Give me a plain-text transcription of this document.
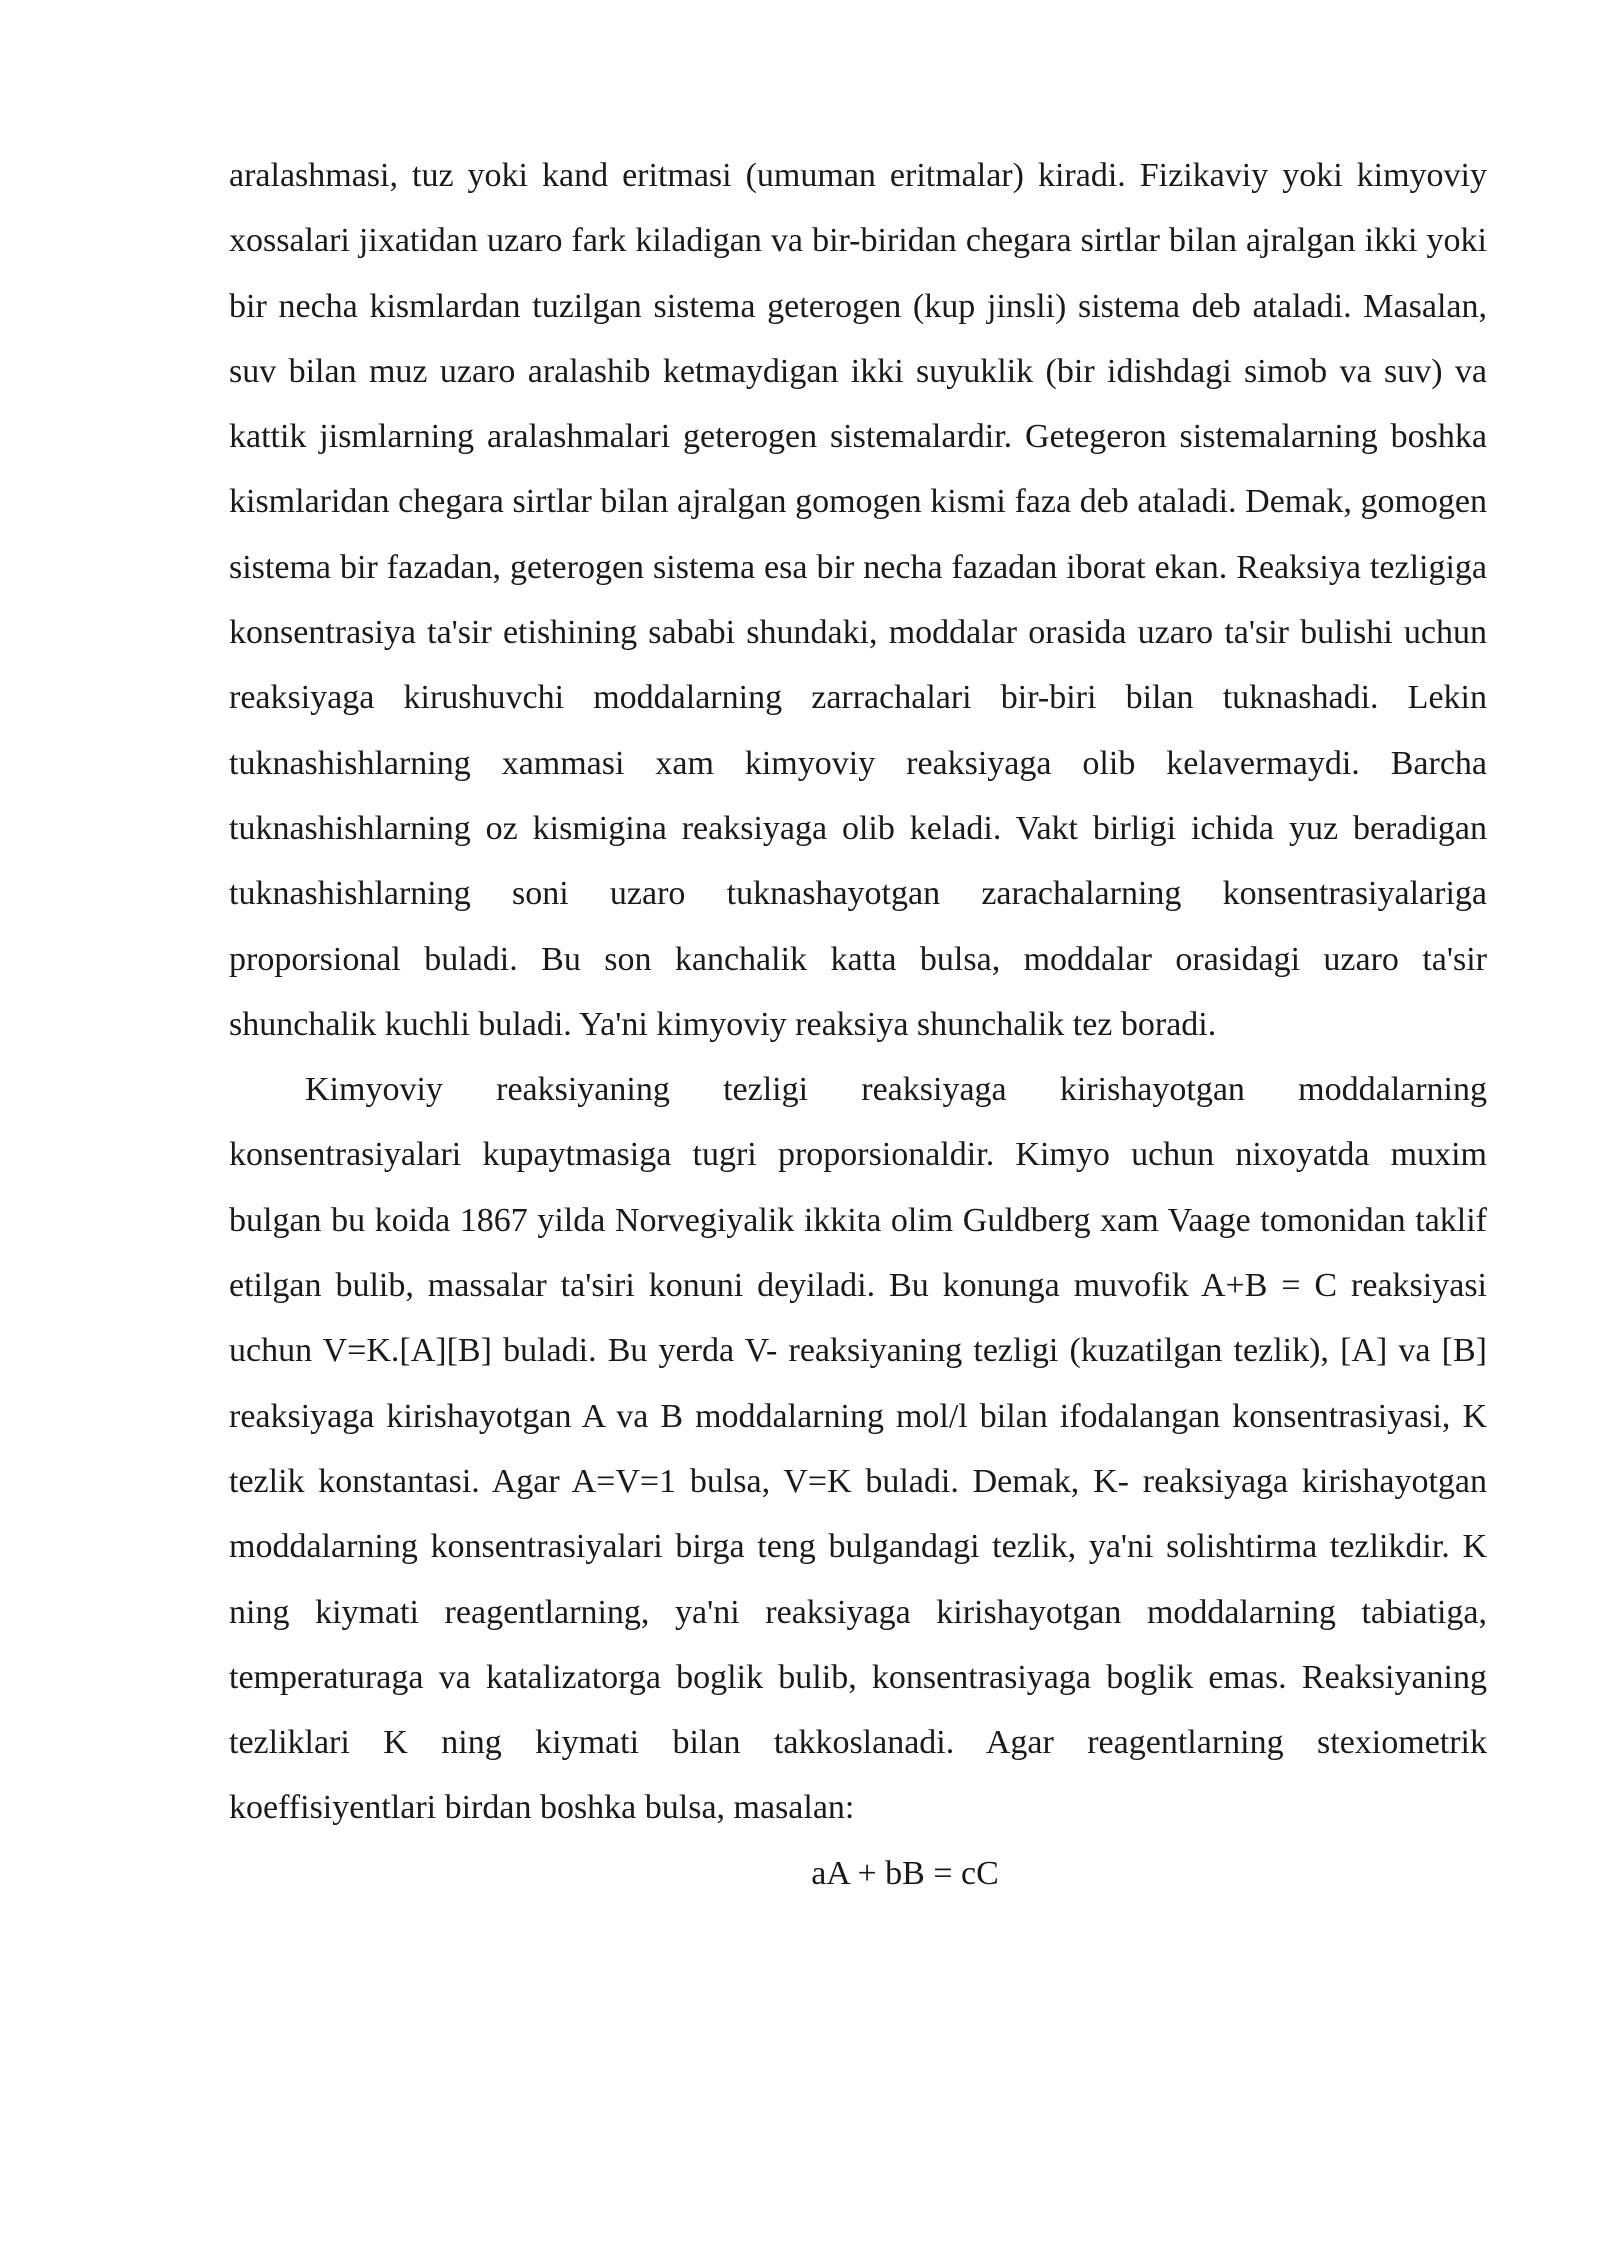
aralashmasi, tuz yoki kand eritmasi (umuman eritmalar) kiradi. Fizikaviy yoki kimyoviy xossalari jixatidan uzaro fark kiladigan va bir-biridan chegara sirtlar bilan ajralgan ikki yoki bir necha kismlardan tuzilgan sistema geterogen (kup jinsli) sistema deb ataladi. Masalan, suv bilan muz uzaro aralashib ketmaydigan ikki suyuklik (bir idishdagi simob va suv) va kattik jismlarning aralashmalari geterogen sistemalardir. Getegeron sistemalarning boshka kismlaridan chegara sirtlar bilan ajralgan gomogen kismi faza deb ataladi. Demak, gomogen sistema bir fazadan, geterogen sistema esa bir necha fazadan iborat ekan. Reaksiya tezligiga konsentrasiya ta'sir etishining sababi shundaki, moddalar orasida uzaro ta'sir bulishi uchun reaksiyaga kirushuvchi moddalarning zarrachalari bir-biri bilan tuknashadi. Lekin tuknashishlarning xammasi xam kimyoviy reaksiyaga olib kelavermaydi. Barcha tuknashishlarning oz kismigina reaksiyaga olib keladi. Vakt birligi ichida yuz beradigan tuknashishlarning soni uzaro tuknashayotgan zarachalarning konsentrasiyalariga proporsional buladi. Bu son kanchalik katta bulsa, moddalar orasidagi uzaro ta'sir shunchalik kuchli buladi. Ya'ni kimyoviy reaksiya shunchalik tez boradi.

Kimyoviy reaksiyaning tezligi reaksiyaga kirishayotgan moddalarning konsentrasiyalari kupaytmasiga tugri proporsionaldir. Kimyo uchun nixoyatda muxim bulgan bu koida 1867 yilda Norvegiyalik ikkita olim Guldberg xam Vaage tomonidan taklif etilgan bulib, massalar ta'siri konuni deyiladi. Bu konunga muvofik A+B = C reaksiyasi uchun V=K.[A][B] buladi. Bu yerda V- reaksiyaning tezligi (kuzatilgan tezlik), [A] va [B] reaksiyaga kirishayotgan A va B moddalarning mol/l bilan ifodalangan konsentrasiyasi, K tezlik konstantasi. Agar A=V=1 bulsa, V=K buladi. Demak, K- reaksiyaga kirishayotgan moddalarning konsentrasiyalari birga teng bulgandagi tezlik, ya'ni solishtirma tezlikdir. K ning kiymati reagentlarning, ya'ni reaksiyaga kirishayotgan moddalarning tabiatiga, temperaturaga va katalizatorga boglik bulib, konsentrasiyaga boglik emas. Reaksiyaning tezliklari K ning kiymati bilan takkoslanadi. Agar reagentlarning stexiometrik koeffisiyentlari birdan boshka bulsa, masalan:

aA + bB = cC
